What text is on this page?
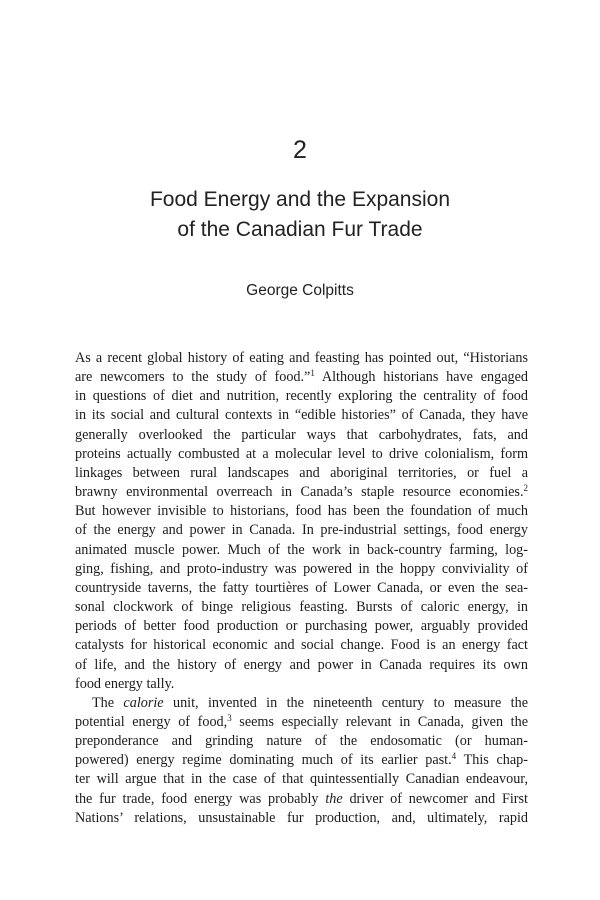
2
Food Energy and the Expansion
of the Canadian Fur Trade
George Colpitts
As a recent global history of eating and feasting has pointed out, “Historians
are newcomers to the study of food.”$^1$ Although historians have engaged
in questions of diet and nutrition, recently exploring the centrality of food
in its social and cultural contexts in “edible histories” of Canada, they have
generally overlooked the particular ways that carbohydrates, fats, and
proteins actually combusted at a molecular level to drive colonialism, form
linkages between rural landscapes and aboriginal territories, or fuel a
brawny environmental overreach in Canada’s staple resource economies.$^2$
But however invisible to historians, food has been the foundation of much
of the energy and power in Canada. In pre-industrial settings, food energy
animated muscle power. Much of the work in back-country farming, log-
ging, fishing, and proto-industry was powered in the hoppy conviviality of
countryside taverns, the fatty tourtières of Lower Canada, or even the sea-
sonal clockwork of binge religious feasting. Bursts of caloric energy, in
periods of better food production or purchasing power, arguably provided
catalysts for historical economic and social change. Food is an energy fact
of life, and the history of energy and power in Canada requires its own
food energy tally.
The calorie unit, invented in the nineteenth century to measure the
potential energy of food,$^3$ seems especially relevant in Canada, given the
preponderance and grinding nature of the endosomatic (or human-
powered) energy regime dominating much of its earlier past.$^4$ This chap-
ter will argue that in the case of that quintessentially Canadian endeavour,
the fur trade, food energy was probably the driver of newcomer and First
Nations’ relations, unsustainable fur production, and, ultimately, rapid
